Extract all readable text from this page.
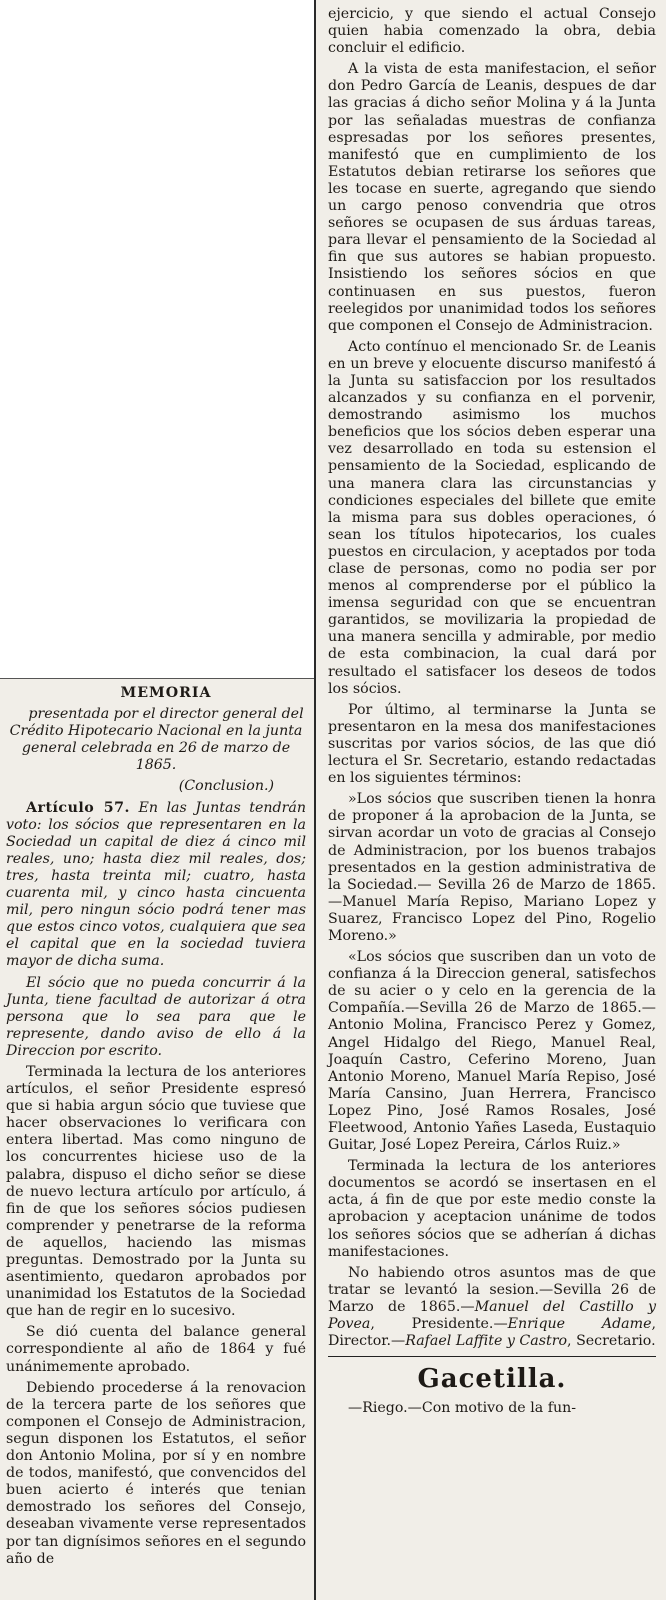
MEMORIA

presentada por el director general del Crédito Hipotecario Nacional en la junta general celebrada en 26 de marzo de 1865.

(Conclusion.)

Artículo 57. En las Juntas tendrán voto: los sócios que representaren en la Sociedad un capital de diez á cinco mil reales, uno; hasta diez mil reales, dos; tres, hasta treinta mil; cuatro, hasta cuarenta mil, y cinco hasta cincuenta mil, pero ningun sócio podrá tener mas que estos cinco votos, cualquiera que sea el capital que en la sociedad tuviera mayor de dicha suma.

El sócio que no pueda concurrir á la Junta, tiene facultad de autorizar á otra persona que lo sea para que le represente, dando aviso de ello á la Direccion por escrito.

Terminada la lectura de los anteriores artículos, el señor Presidente espresó que si habia argun sócio que tuviese que hacer observaciones lo verificara con entera libertad. Mas como ninguno de los concurrentes hiciese uso de la palabra, dispuso el dicho señor se diese de nuevo lectura artículo por artículo, á fin de que los señores sócios pudiesen comprender y penetrarse de la reforma de aquellos, haciendo las mismas preguntas. Demostrado por la Junta su asentimiento, quedaron aprobados por unanimidad los Estatutos de la Sociedad que han de regir en lo sucesivo.

Se dió cuenta del balance general correspondiente al año de 1864 y fué unánimemente aprobado.

Debiendo procederse á la renovacion de la tercera parte de los señores que componen el Consejo de Administracion, segun disponen los Estatutos, el señor don Antonio Molina, por sí y en nombre de todos, manifestó, que convencidos del buen acierto é interés que tenian demostrado los señores del Consejo, deseaban vivamente verse representados por tan dignísimos señores en el segundo año de

ejercicio, y que siendo el actual Consejo quien habia comenzado la obra, debia concluir el edificio.

A la vista de esta manifestacion, el señor don Pedro García de Leanis, despues de dar las gracias á dicho señor Molina y á la Junta por las señaladas muestras de confianza espresadas por los señores presentes, manifestó que en cumplimiento de los Estatutos debian retirarse los señores que les tocase en suerte, agregando que siendo un cargo penoso convendria que otros señores se ocupasen de sus árduas tareas, para llevar el pensamiento de la Sociedad al fin que sus autores se habian propuesto. Insistiendo los señores sócios en que continuasen en sus puestos, fueron reelegidos por unanimidad todos los señores que componen el Consejo de Administracion.

Acto contínuo el mencionado Sr. de Leanis en un breve y elocuente discurso manifestó á la Junta su satisfaccion por los resultados alcanzados y su confianza en el porvenir, demostrando asimismo los muchos beneficios que los sócios deben esperar una vez desarrollado en toda su estension el pensamiento de la Sociedad, esplicando de una manera clara las circunstancias y condiciones especiales del billete que emite la misma para sus dobles operaciones, ó sean los títulos hipotecarios, los cuales puestos en circulacion, y aceptados por toda clase de personas, como no podia ser por menos al comprenderse por el público la imensa seguridad con que se encuentran garantidos, se movilizaria la propiedad de una manera sencilla y admirable, por medio de esta combinacion, la cual dará por resultado el satisfacer los deseos de todos los sócios.

Por último, al terminarse la Junta se presentaron en la mesa dos manifestaciones suscritas por varios sócios, de las que dió lectura el Sr. Secretario, estando redactadas en los siguientes términos:

»Los sócios que suscriben tienen la honra de proponer á la aprobacion de la Junta, se sirvan acordar un voto de gracias al Consejo de Administracion, por los buenos trabajos presentados en la gestion administrativa de la Sociedad.— Sevilla 26 de Marzo de 1865.—Manuel María Repiso, Mariano Lopez y Suarez, Francisco Lopez del Pino, Rogelio Moreno.»

«Los sócios que suscriben dan un voto de confianza á la Direccion general, satisfechos de su acier o y celo en la gerencia de la Compañía.—Sevilla 26 de Marzo de 1865.—Antonio Molina, Francisco Perez y Gomez, Angel Hidalgo del Riego, Manuel Real, Joaquín Castro, Ceferino Moreno, Juan Antonio Moreno, Manuel María Repiso, José María Cansino, Juan Herrera, Francisco Lopez Pino, José Ramos Rosales, José Fleetwood, Antonio Yañes Laseda, Eustaquio Guitar, José Lopez Pereira, Cárlos Ruiz.»

Terminada la lectura de los anteriores documentos se acordó se insertasen en el acta, á fin de que por este medio conste la aprobacion y aceptacion unánime de todos los señores sócios que se adherían á dichas manifestaciones.

No habiendo otros asuntos mas de que tratar se levantó la sesion.—Sevilla 26 de Marzo de 1865.—Manuel del Castillo y Povea, Presidente.—Enrique Adame, Director.—Rafael Laffite y Castro, Secretario.

Gacetilla.

—Riego.—Con motivo de la fun-
